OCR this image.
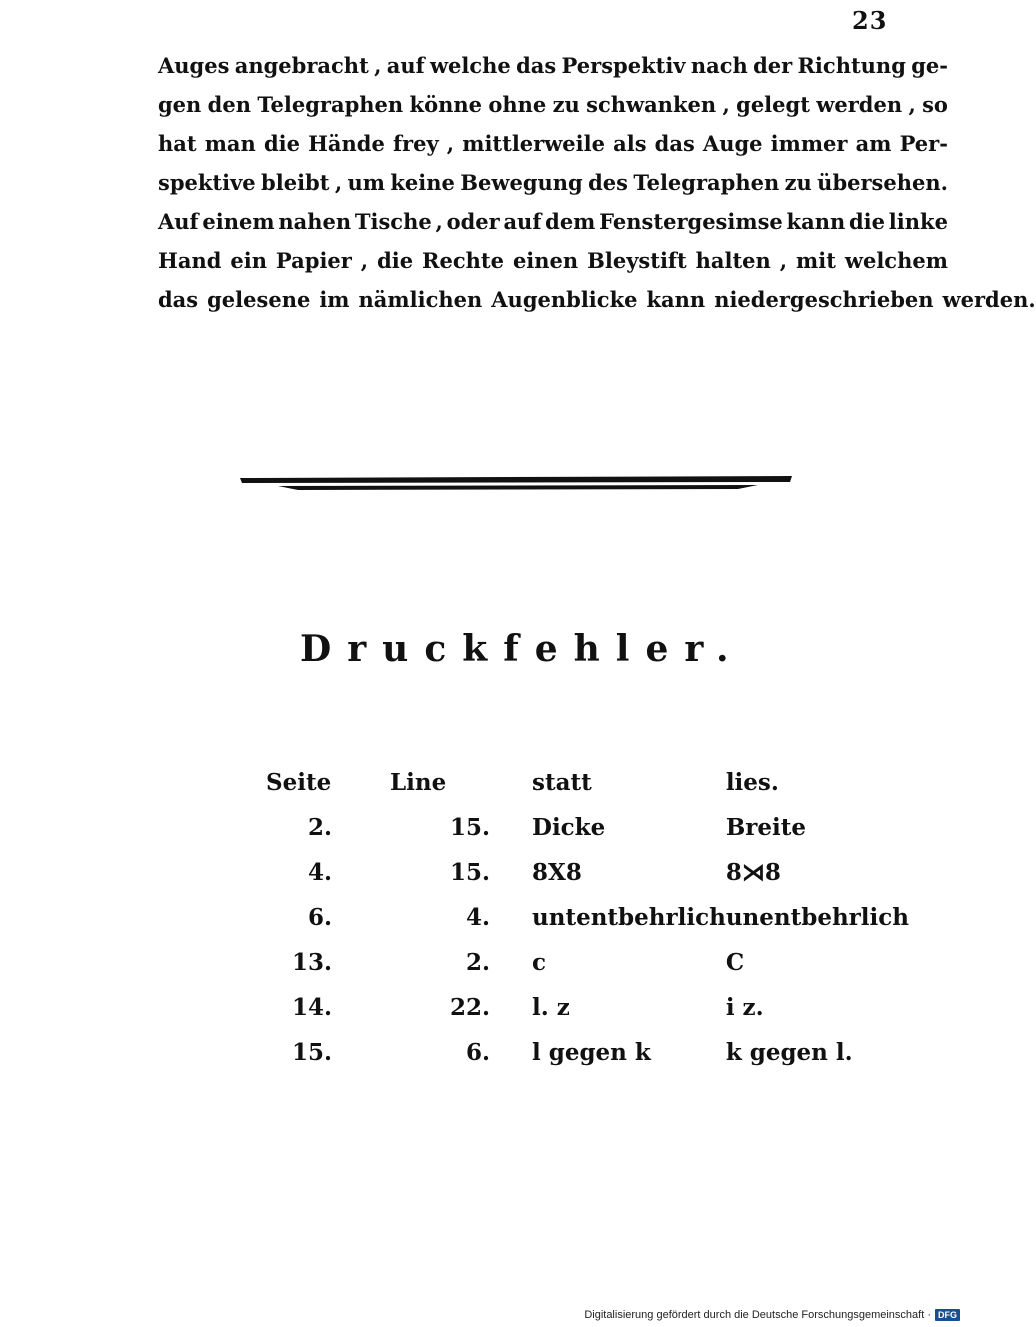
23
Auges angebracht , auf welche das Perspektiv nach der Richtung ge-
gen den Telegraphen könne ohne zu schwanken , gelegt werden , so
hat man die Hände frey , mittlerweile als das Auge immer am Per-
spektive bleibt , um keine Bewegung des Telegraphen zu übersehen.
Auf einem nahen Tische , oder auf dem Fenstergesimse kann die linke
Hand ein Papier , die Rechte einen Bleystift halten , mit welchem
das gelesene im nämlichen Augenblicke kann niedergeschrieben werden.
Druckfehler.
Seite	Line	statt	lies.
2.	15.	Dicke	Breite
4.	15.	8X8	8⋊8
6.	4.	untentbehrlich	unentbehrlich
13.	2.	c	C
14.	22.	l. z	i z.
15.	6.	l gegen k	k gegen l.
Digitalisierung gefördert durch die Deutsche Forschungsgemeinschaft · DFG
